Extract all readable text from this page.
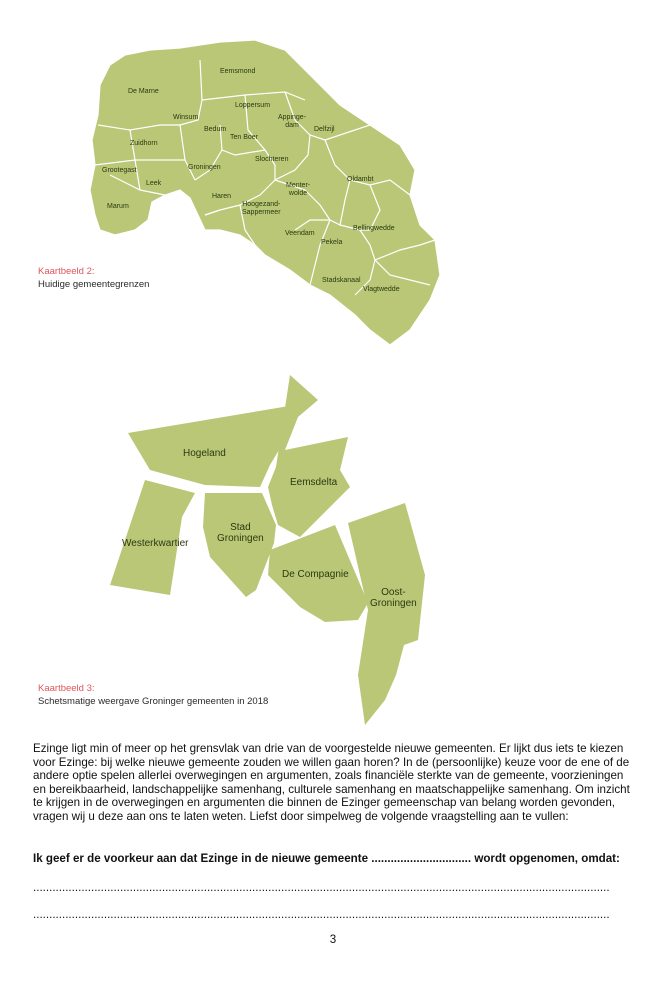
Eemsmond
De Marne
Winsum
Loppersum
Appinge-
dam
Delfzijl
Bedum
Ten Boer
Zuidhorn
Slochteren
Grootegast	Groningen
Leek
Oldambt
Menter-
wolde
Haren
Marum	Hoogezand-
Sappermeer
Veendam
Bellingwedde
Pekela
Stadskanaal
Vlagtwedde
Kaartbeeld 2:
Huidige gemeentegrenzen
Hogeland
Eemsdelta
Westerkwartier
Stad
Groningen
De Compagnie
Oost-
Groningen
Kaartbeeld 3:
Schetsmatige weergave Groninger gemeenten in 2018
Ezinge ligt min of meer op het grensvlak van drie van de voorgestelde nieuwe gemeenten. Er lijkt dus iets te kiezen voor Ezinge: bij welke nieuwe gemeente zouden we willen gaan horen? In de (persoonlijke) keuze voor de ene of de andere optie spelen allerlei overwegingen en argumenten, zoals financiële sterkte van de gemeente, voorzieningen en bereikbaarheid, landschappelijke samenhang, culturele samenhang en maatschappelijke samenhang. Om inzicht te krijgen in de overwegingen en argumenten die binnen de Ezinger gemeenschap van belang worden gevonden, vragen wij u deze aan ons te laten weten. Liefst door simpelweg de volgende vraagstelling aan te vullen:
Ik geef er de voorkeur aan dat Ezinge in de nieuwe gemeente ............................... wordt opgenomen, omdat:
...................................................................................................................................................................................
...................................................................................................................................................................................
3
